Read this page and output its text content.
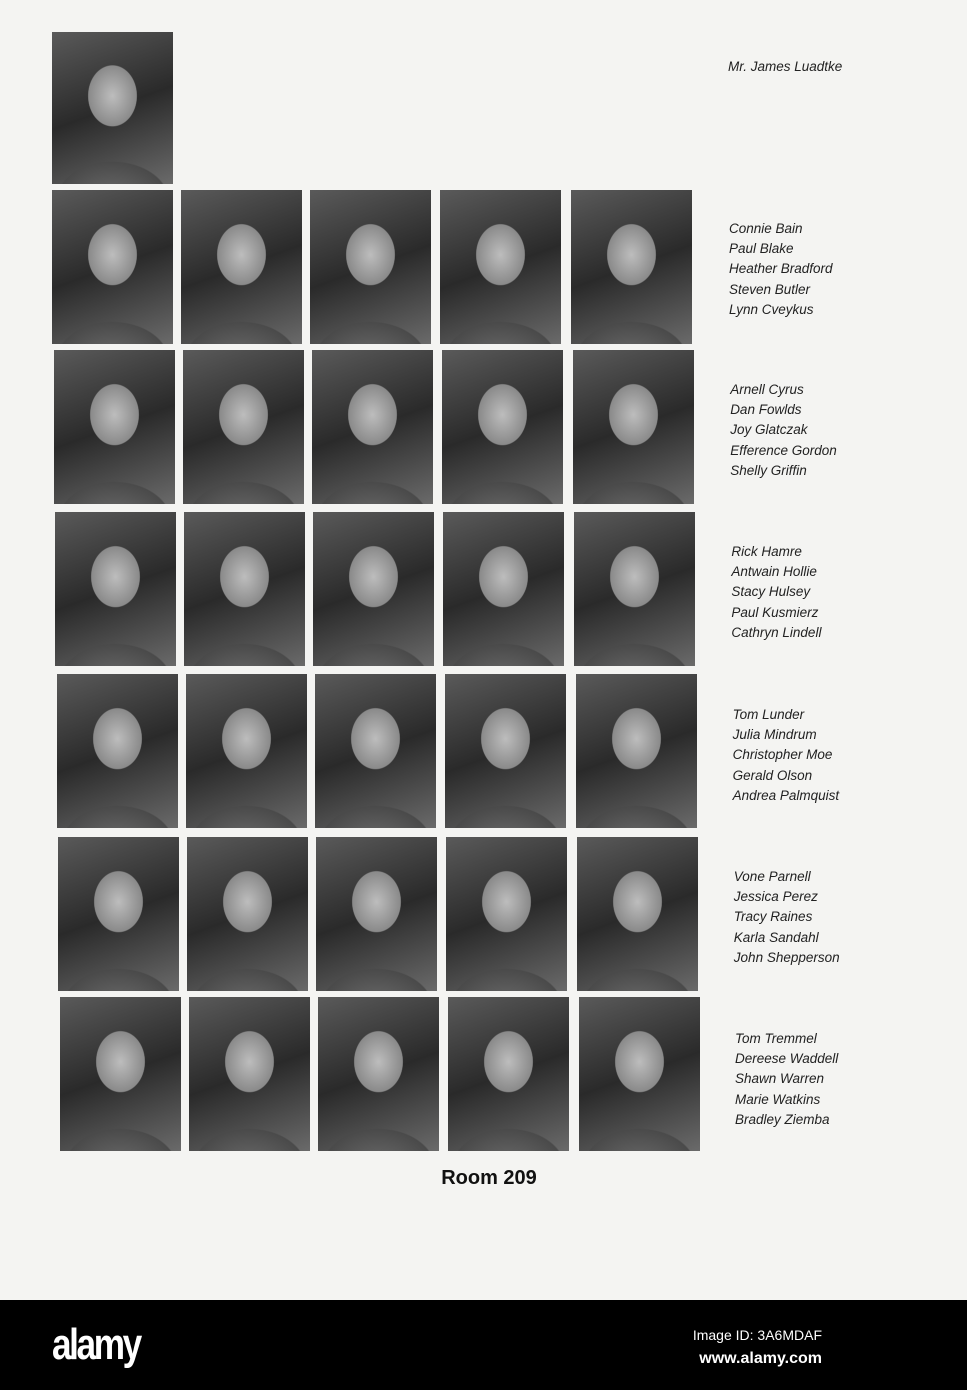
Mr. James Luadtke
Connie Bain
Paul Blake
Heather Bradford
Steven Butler
Lynn Cveykus
Arnell Cyrus
Dan Fowlds
Joy Glatczak
Efference Gordon
Shelly Griffin
Rick Hamre
Antwain Hollie
Stacy Hulsey
Paul Kusmierz
Cathryn Lindell
Tom Lunder
Julia Mindrum
Christopher Moe
Gerald Olson
Andrea Palmquist
Vone Parnell
Jessica Perez
Tracy Raines
Karla Sandahl
John Shepperson
Tom Tremmel
Dereese Waddell
Shawn Warren
Marie Watkins
Bradley Ziemba
Room 209
alamy	Image ID: 3A6MDAF
www.alamy.com
